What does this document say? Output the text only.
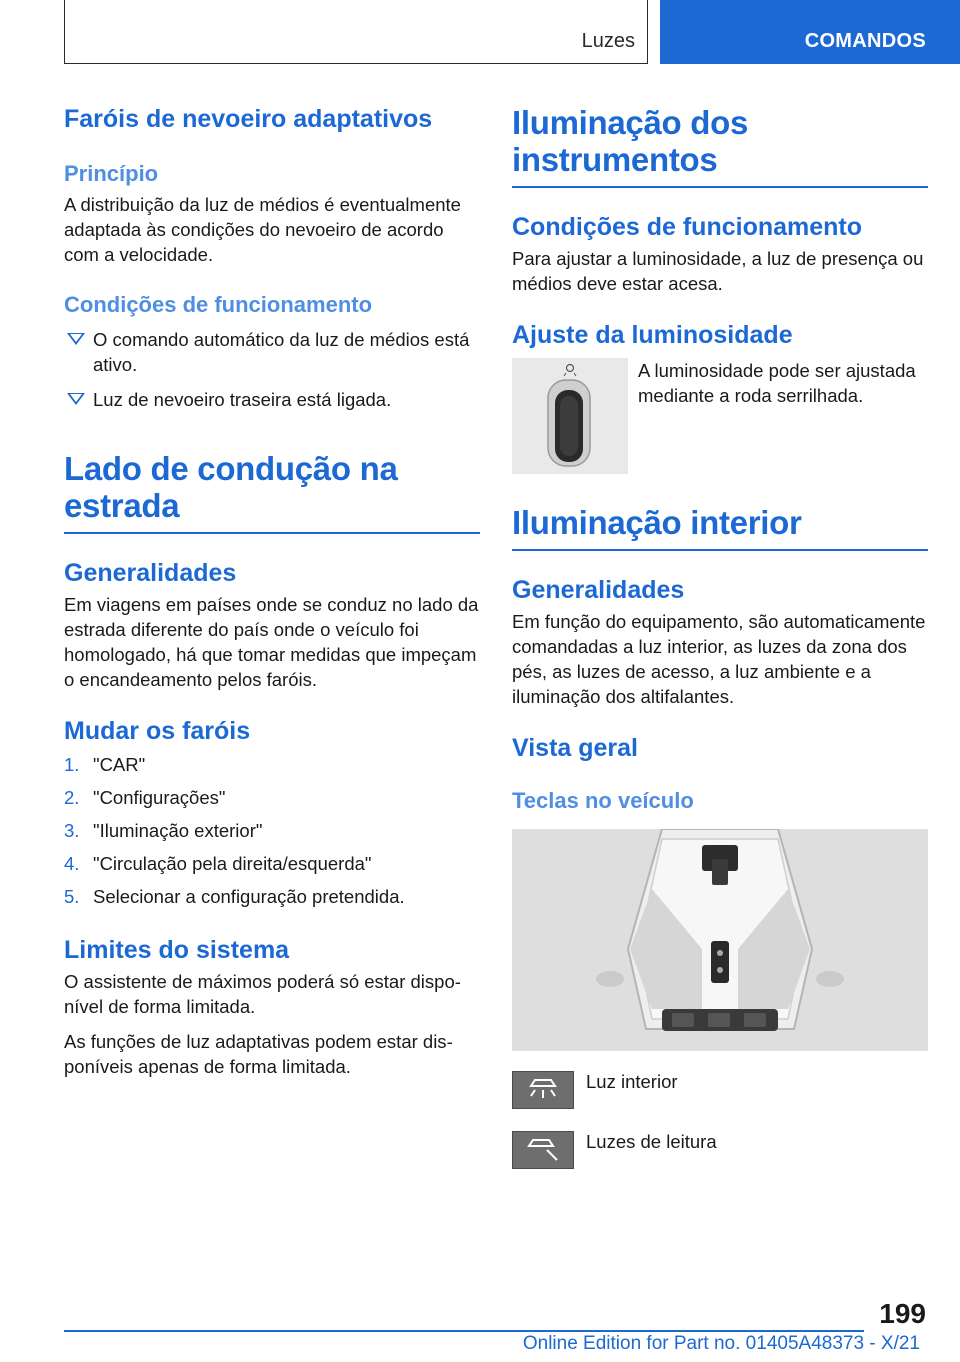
Luzes	COMANDOS
Faróis de nevoeiro adaptativos
Princípio

A distribuição da luz de médios é eventualmente adaptada às condições do nevoeiro de acordo com a velocidade.

Condições de funcionamento
O comando automático da luz de médios está ativo.
Luz de nevoeiro traseira está ligada.
Lado de condução na estrada
Generalidades

Em viagens em países onde se conduz no lado da estrada diferente do país onde o veículo foi homologado, há que tomar medidas que impeçam o encandeamento pelos faróis.

Mudar os faróis
1. "CAR"
2. "Configurações"
3. "Iluminação exterior"
4. "Circulação pela direita/esquerda"
5. Selecionar a configuração pretendida.
Limites do sistema

O assistente de máximos poderá só estar disponível de forma limitada.

As funções de luz adaptativas podem estar disponíveis apenas de forma limitada.

Iluminação dos instrumentos
Condições de funcionamento

Para ajustar a luminosidade, a luz de presença ou médios deve estar acesa.

Ajuste da luminosidade

A luminosidade pode ser ajustada mediante a roda serrilhada.

Iluminação interior
Generalidades

Em função do equipamento, são automaticamente comandadas a luz interior, as luzes da zona dos pés, as luzes de acesso, a luz ambiente e a iluminação dos altifalantes.

Vista geral
Teclas no veículo
Luz interior
Luzes de leitura
199
Online Edition for Part no. 01405A48373 - X/21
